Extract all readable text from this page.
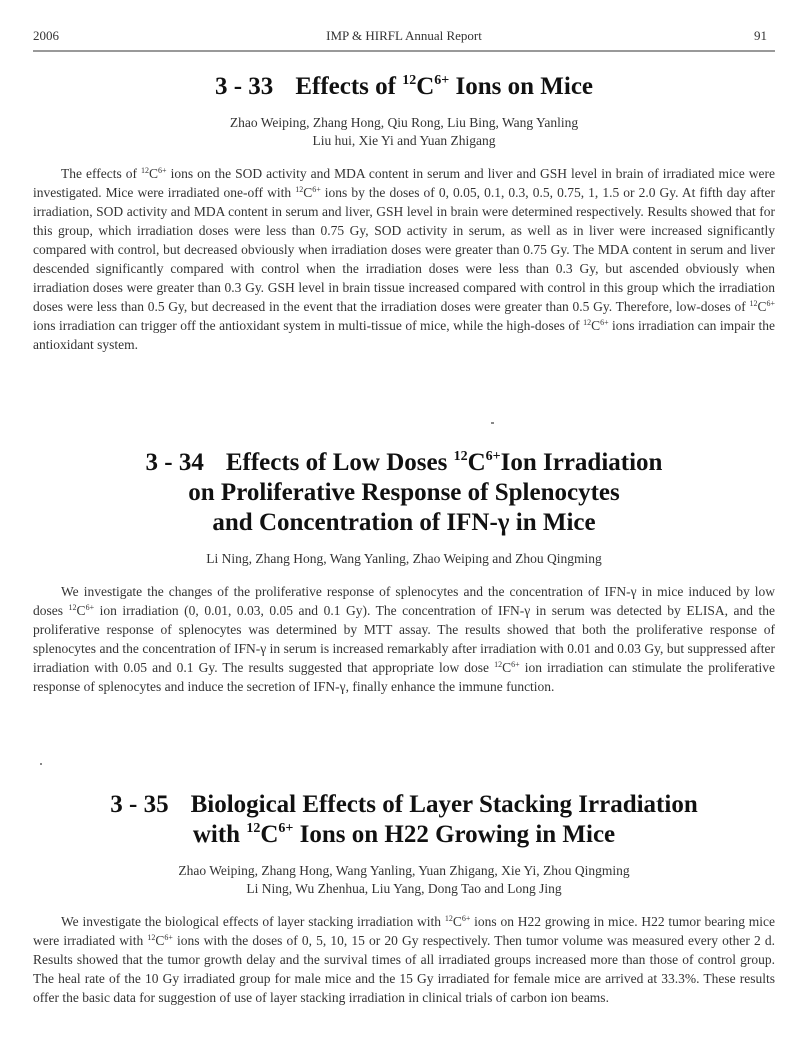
2006	IMP & HIRFL Annual Report	91
3 - 33 Effects of $^{12}C^{6+}$ Ions on Mice
Zhao Weiping, Zhang Hong, Qiu Rong, Liu Bing, Wang Yanling
Liu hui, Xie Yi and Yuan Zhigang

The effects of $^{12}C^{6+}$ ions on the SOD activity and MDA content in serum and liver and GSH level in brain of irradiated mice were investigated. Mice were irradiated one-off with $^{12}C^{6+}$ ions by the doses of 0, 0.05, 0.1, 0.3, 0.5, 0.75, 1, 1.5 or 2.0 Gy. At fifth day after irradiation, SOD activity and MDA content in serum and liver, GSH level in brain were determined respectively. Results showed that for this group, which irradiation doses were less than 0.75 Gy, SOD activity in serum, as well as in liver were increased significantly compared with control, but decreased obviously when irradiation doses were greater than 0.75 Gy. The MDA content in serum and liver descended significantly compared with control when the irradiation doses were less than 0.3 Gy, but ascended obviously when irradiation doses were greater than 0.3 Gy. GSH level in brain tissue increased compared with control in this group which the irradiation doses were less than 0.5 Gy, but decreased in the event that the irradiation doses were greater than 0.5 Gy. Therefore, low-doses of $^{12}C^{6+}$ ions irradiation can trigger off the antioxidant system in multi-tissue of mice, while the high-doses of $^{12}C^{6+}$ ions irradiation can impair the antioxidant system.

3 - 34 Effects of Low Doses $^{12}C^{6+}Ion$ Irradiation
on Proliferative Response of Splenocytes
and Concentration of IFN-γ in Mice
Li Ning, Zhang Hong, Wang Yanling, Zhao Weiping and Zhou Qingming

We investigate the changes of the proliferative response of splenocytes and the concentration of IFN-γ in mice induced by low doses $^{12}C^{6+}$ ion irradiation (0, 0.01, 0.03, 0.05 and 0.1 Gy). The concentration of IFN-γ in serum was detected by ELISA, and the proliferative response of splenocytes was determined by MTT assay. The results showed that both the proliferative response of splenocytes and the concentration of IFN-γ in serum is increased remarkably after irradiation with 0.01 and 0.03 Gy, but suppressed after irradiation with 0.05 and 0.1 Gy. The results suggested that appropriate low dose $^{12}C^{6+}$ ion irradiation can stimulate the proliferative response of splenocytes and induce the secretion of IFN-γ, finally enhance the immune function.

3 - 35 Biological Effects of Layer Stacking Irradiation
with $^{12}C^{6+}$ Ions on H22 Growing in Mice
Zhao Weiping, Zhang Hong, Wang Yanling, Yuan Zhigang, Xie Yi, Zhou Qingming
Li Ning, Wu Zhenhua, Liu Yang, Dong Tao and Long Jing

We investigate the biological effects of layer stacking irradiation with $^{12}C^{6+}$ ions on H22 growing in mice. H22 tumor bearing mice were irradiated with $^{12}C^{6+}$ ions with the doses of 0, 5, 10, 15 or 20 Gy respectively. Then tumor volume was measured every other 2 d. Results showed that the tumor growth delay and the survival times of all irradiated groups increased more than those of control group. The heal rate of the 10 Gy irradiated group for male mice and the 15 Gy irradiated for female mice are arrived at 33.3%. These results offer the basic data for suggestion of use of layer stacking irradiation in clinical trials of carbon ion beams.
